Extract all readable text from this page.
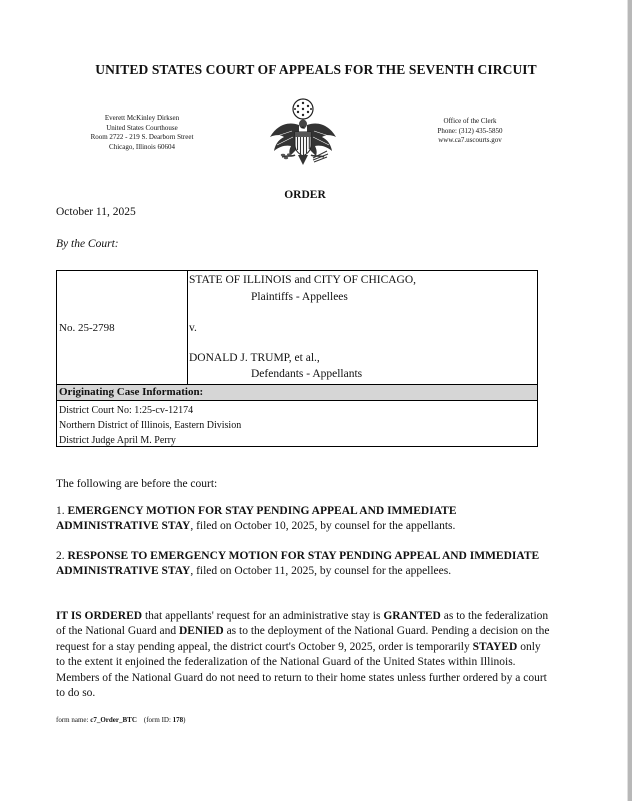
UNITED STATES COURT OF APPEALS FOR THE SEVENTH CIRCUIT
Everett McKinley Dirksen
United States Courthouse
Room 2722 - 219 S. Dearborn Street
Chicago, Illinois 60604
Office of the Clerk
Phone: (312) 435-5850
www.ca7.uscourts.gov
ORDER
October 11, 2025
By the Court:
No. 25-2798
STATE OF ILLINOIS and CITY OF CHICAGO,
Plaintiffs - Appellees
v.
DONALD J. TRUMP, et al.,
Defendants - Appellants
Originating Case Information:
District Court No: 1:25-cv-12174
Northern District of Illinois, Eastern Division
District Judge April M. Perry
The following are before the court:
1. EMERGENCY MOTION FOR STAY PENDING APPEAL AND IMMEDIATE ADMINISTRATIVE STAY, filed on October 10, 2025, by counsel for the appellants.
2. RESPONSE TO EMERGENCY MOTION FOR STAY PENDING APPEAL AND IMMEDIATE ADMINISTRATIVE STAY, filed on October 11, 2025, by counsel for the appellees.
IT IS ORDERED that appellants' request for an administrative stay is GRANTED as to the federalization of the National Guard and DENIED as to the deployment of the National Guard. Pending a decision on the request for a stay pending appeal, the district court's October 9, 2025, order is temporarily STAYED only to the extent it enjoined the federalization of the National Guard of the United States within Illinois. Members of the National Guard do not need to return to their home states unless further ordered by a court to do so.
form name: c7_Order_BTC (form ID: 178)
